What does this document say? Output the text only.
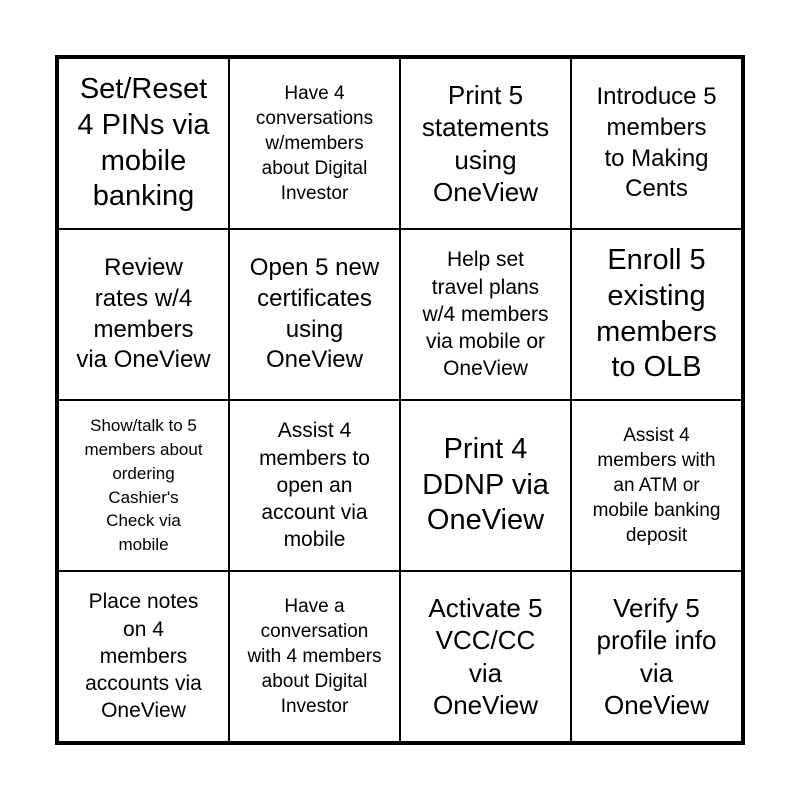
Set/Reset
4 PINs via
mobile
banking
Have 4
conversations
w/members
about Digital
Investor
Print 5
statements
using
OneView
Introduce 5
members
to Making
Cents
Review
rates w/4
members
via OneView
Open 5 new
certificates
using
OneView
Help set
travel plans
w/4 members
via mobile or
OneView
Enroll 5
existing
members
to OLB
Show/talk to 5
members about
ordering
Cashier's
Check via
mobile
Assist 4
members to
open an
account via
mobile
Print 4
DDNP via
OneView
Assist 4
members with
an ATM or
mobile banking
deposit
Place notes
on 4
members
accounts via
OneView
Have a
conversation
with 4 members
about Digital
Investor
Activate 5
VCC/CC
via
OneView
Verify 5
profile info
via
OneView
